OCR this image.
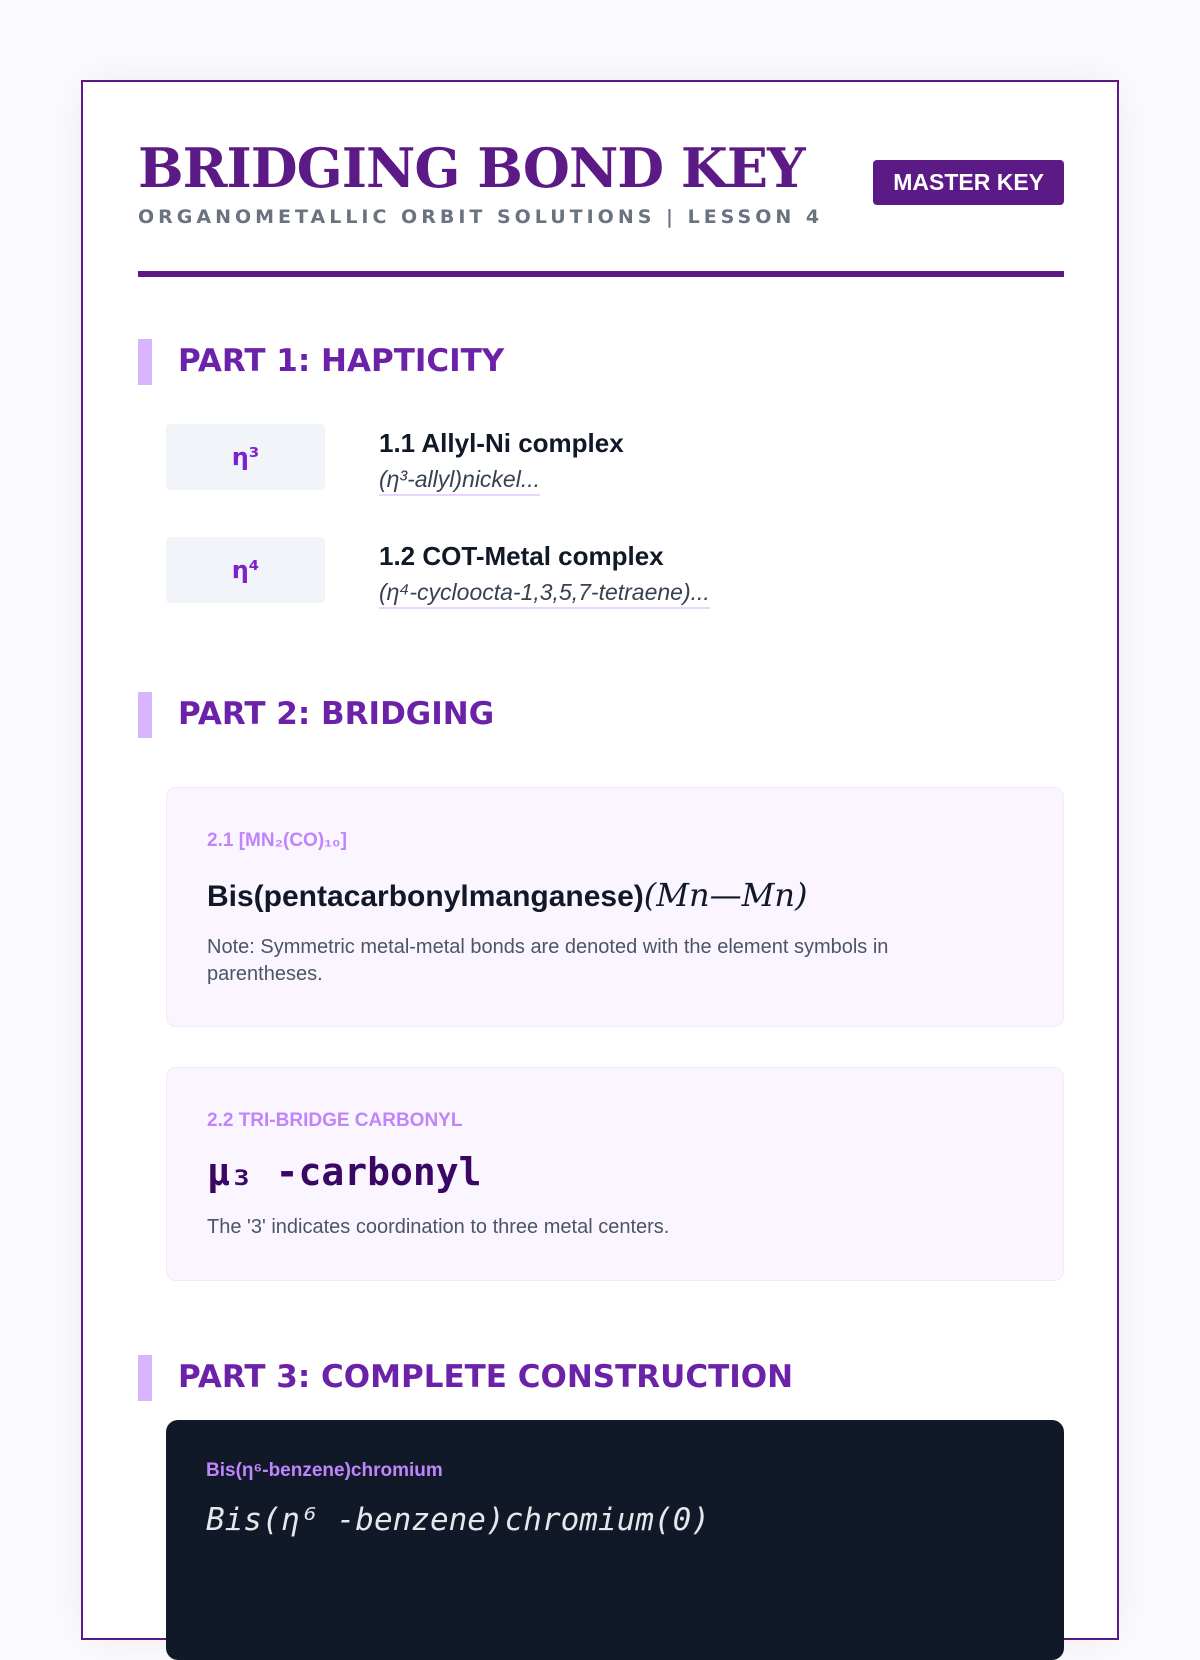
BRIDGING BOND KEY
ORGANOMETALLIC ORBIT SOLUTIONS | LESSON 4
MASTER KEY
PART 1: HAPTICITY
η³	1.1 Allyl-Ni complex
(η³-allyl)nickel...
η⁴	1.2 COT-Metal complex
(η⁴-cycloocta-1,3,5,7-tetraene)...
PART 2: BRIDGING
2.1 [MN₂(CO)₁₀]
Bis(pentacarbonylmanganese)(Mn—Mn)
Note: Symmetric metal-metal bonds are denoted with the element symbols in parentheses.
2.2 TRI-BRIDGE CARBONYL
μ₃ -carbonyl
The '3' indicates coordination to three metal centers.
PART 3: COMPLETE CONSTRUCTION
Bis(η⁶-benzene)chromium
Bis(η⁶ -benzene)chromium(0)
